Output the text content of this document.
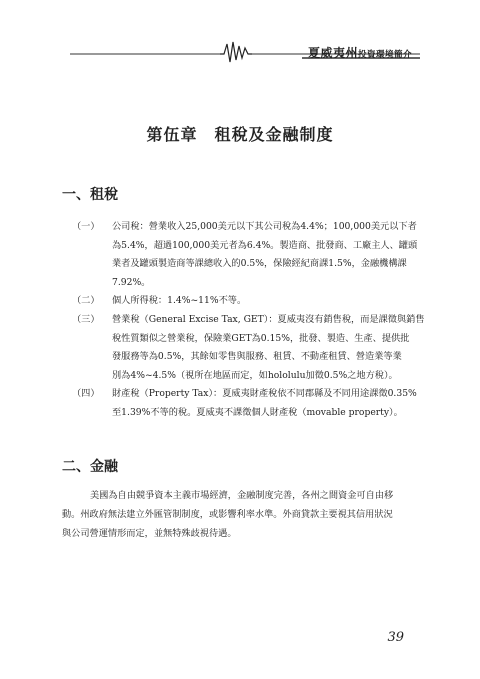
夏威夷州投資環境簡介
第伍章　租稅及金融制度
一、租稅
（一） 公司稅：營業收入25,000美元以下其公司稅為4.4%；100,000美元以下者
為5.4%，超過100,000美元者為6.4%。製造商、批發商、工廠主人、罐頭
業者及罐頭製造商等課總收入的0.5%，保險經紀商課1.5%，金融機構課
7.92%。
（二） 個人所得稅：1.4%~11%不等。
（三） 營業稅（General Excise Tax, GET）：夏威夷沒有銷售稅，而是課徵與銷售
稅性質類似之營業稅，保險業GET為0.15%，批發、製造、生產、提供批
發服務等為0.5%，其餘如零售與服務、租賃、不動產租賃、營造業等業
別為4%~4.5%（視所在地區而定，如hololulu加徵0.5%之地方稅）。
（四） 財產稅（Property Tax）：夏威夷財產稅依不同郡縣及不同用途課徵0.35%
至1.39%不等的稅。夏威夷不課徵個人財產稅（movable property）。
二、金融
美國為自由競爭資本主義市場經濟，金融制度完善，各州之間資金可自由移
動。州政府無法建立外匯管制制度，或影響利率水準。外商貸款主要視其信用狀況
與公司營運情形而定，並無特殊歧視待遇。
39
